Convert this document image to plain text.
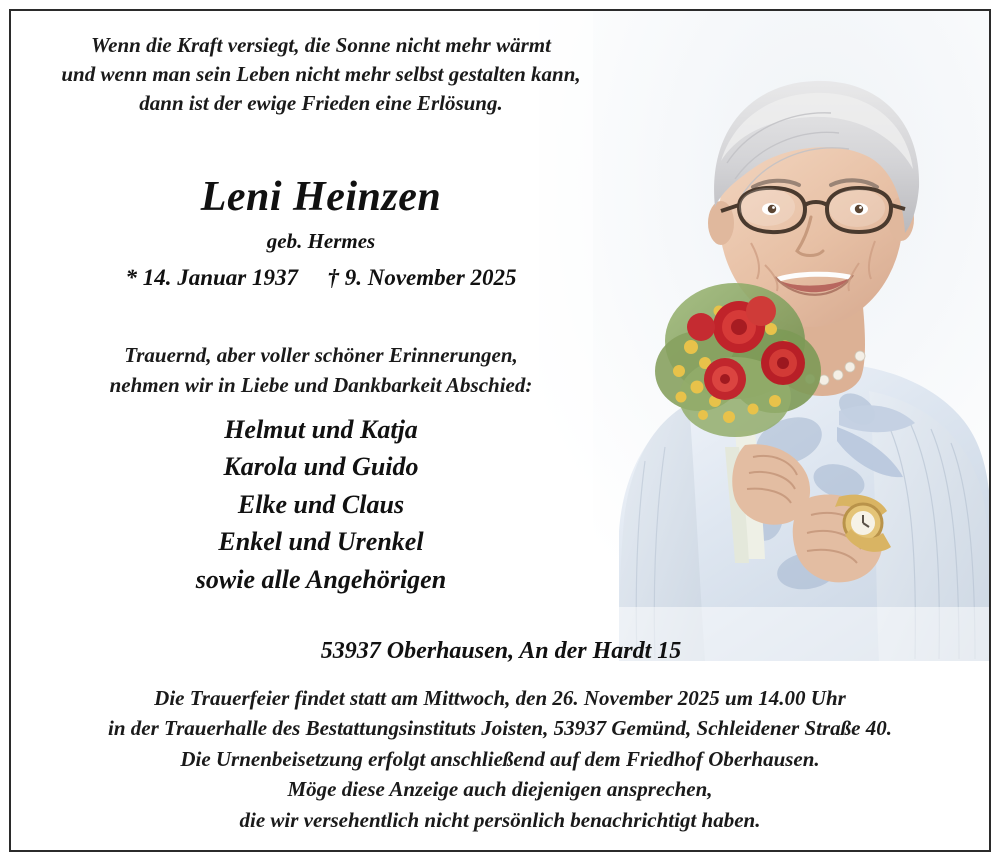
Wenn die Kraft versiegt, die Sonne nicht mehr wärmt
und wenn man sein Leben nicht mehr selbst gestalten kann,
dann ist der ewige Frieden eine Erlösung.
Leni Heinzen
geb. Hermes
* 14. Januar 1937 † 9. November 2025
Trauernd, aber voller schöner Erinnerungen,
nehmen wir in Liebe und Dankbarkeit Abschied:
Helmut und Katja
Karola und Guido
Elke und Claus
Enkel und Urenkel
sowie alle Angehörigen
53937 Oberhausen, An der Hardt 15
Die Trauerfeier findet statt am Mittwoch, den 26. November 2025 um 14.00 Uhr
in der Trauerhalle des Bestattungsinstituts Joisten, 53937 Gemünd, Schleidener Straße 40.
Die Urnenbeisetzung erfolgt anschließend auf dem Friedhof Oberhausen.
Möge diese Anzeige auch diejenigen ansprechen,
die wir versehentlich nicht persönlich benachrichtigt haben.
